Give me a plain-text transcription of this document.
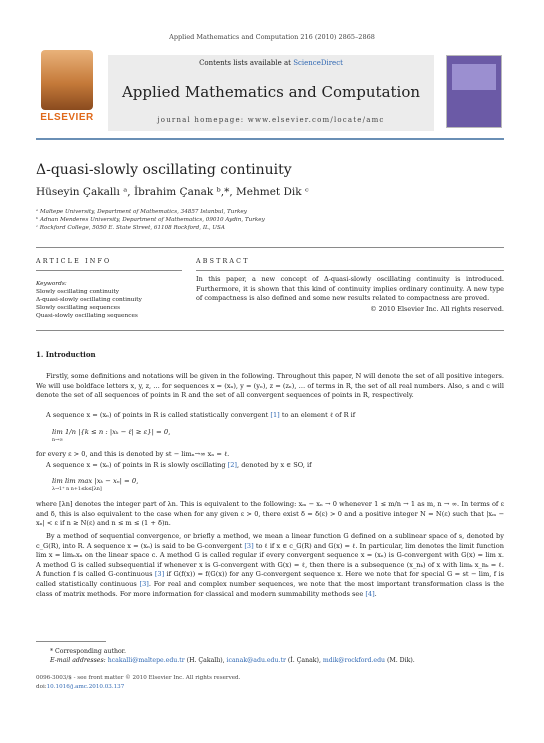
Applied Mathematics and Computation 216 (2010) 2865–2868
ELSEVIER
Contents lists available at ScienceDirect
Applied Mathematics and Computation
journal homepage: www.elsevier.com/locate/amc
Δ-quasi-slowly oscillating continuity
Hüseyin Çakallı ᵃ, İbrahim Çanak ᵇ,*, Mehmet Dik ᶜ
ᵃ Maltepe University, Department of Mathematics, 34857 Istanbul, Turkey
ᵇ Adnan Menderes University, Department of Mathematics, 09010 Aydin, Turkey
ᶜ Rockford College, 5050 E. State Street, 61108 Rockford, IL, USA
ARTICLE INFO
Keywords:
Slowly oscillating continuity
Δ-quasi-slowly oscillating continuity
Slowly oscillating sequences
Quasi-slowly oscillating sequences
ABSTRACT
In this paper, a new concept of Δ-quasi-slowly oscillating continuity is introduced. Furthermore, it is shown that this kind of continuity implies ordinary continuity. A new type of compactness is also defined and some new results related to compactness are proved.
© 2010 Elsevier Inc. All rights reserved.
1. Introduction
Firstly, some definitions and notations will be given in the following. Throughout this paper, N will denote the set of all positive integers. We will use boldface letters x, y, z, … for sequences x = (xₙ), y = (yₙ), z = (zₙ), … of terms in R, the set of all real numbers. Also, s and c will denote the set of all sequences of points in R and the set of all convergent sequences of points in R, respectively.
A sequence x = (xₙ) of points in R is called statistically convergent [1] to an element ℓ of R if
lim 1/n |{k ≤ n : |xₖ − ℓ| ≥ ε}| = 0,
n→∞
for every ε > 0, and this is denoted by st − limₙ→∞ xₙ = ℓ.
A sequence x = (xₙ) of points in R is slowly oscillating [2], denoted by x ∈ SO, if
lim lim max |xₖ − xₙ| = 0,
λ→1⁺ n n+1≤k≤[λn]
where [λn] denotes the integer part of λn. This is equivalent to the following: xₘ − xₙ → 0 whenever 1 ≤ m/n → 1 as m, n → ∞. In terms of ε and δ, this is also equivalent to the case when for any given ε > 0, there exist δ = δ(ε) > 0 and a positive integer N = N(ε) such that |xₘ − xₙ| < ε if n ≥ N(ε) and n ≤ m ≤ (1 + δ)n.
By a method of sequential convergence, or briefly a method, we mean a linear function G defined on a sublinear space of s, denoted by c_G(R), into R. A sequence x = (xₙ) is said to be G-convergent [3] to ℓ if x ∈ c_G(R) and G(x) = ℓ. In particular, lim denotes the limit function lim x = limₙxₙ on the linear space c. A method G is called regular if every convergent sequence x = (xₙ) is G-convergent with G(x) = lim x. A method G is called subsequential if whenever x is G-convergent with G(x) = ℓ, then there is a subsequence (x_nₖ) of x with limₖ x_nₖ = ℓ. A function f is called G-continuous [3] if G(f(x)) = f(G(x)) for any G-convergent sequence x. Here we note that for special G = st − lim, f is called statistically continuous [3]. For real and complex number sequences, we note that the most important transformation class is the class of matrix methods. For more information for classical and modern summability methods see [4].
* Corresponding author.
E-mail addresses: hcakalli@maltepe.edu.tr (H. Çakallı), icanak@adu.edu.tr (İ. Çanak), mdik@rockford.edu (M. Dik).
0096-3003/$ - see front matter © 2010 Elsevier Inc. All rights reserved.
doi:10.1016/j.amc.2010.03.137
